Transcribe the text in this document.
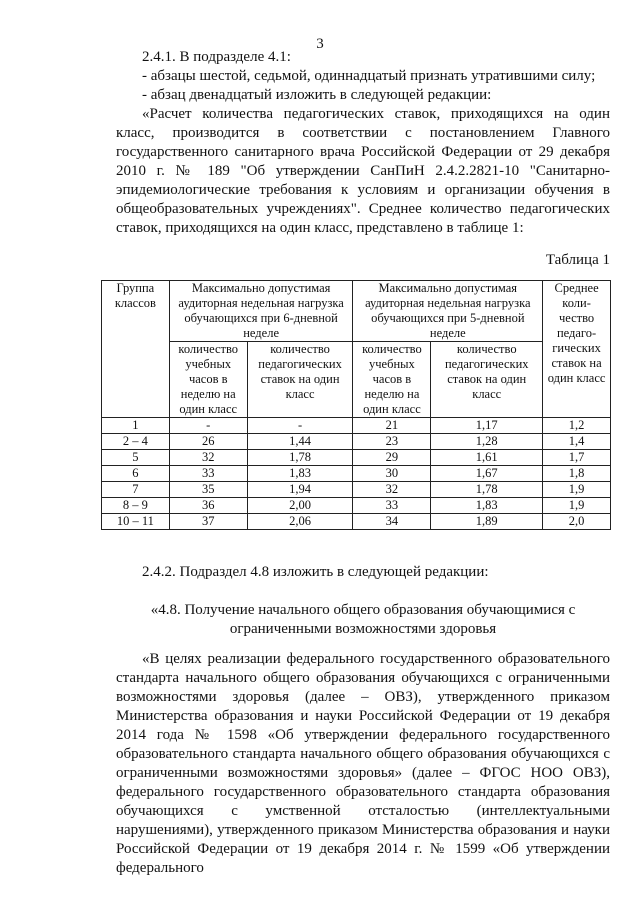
3

2.4.1. В подразделе 4.1:

- абзацы шестой, седьмой, одиннадцатый признать утратившими силу;

- абзац двенадцатый изложить в следующей редакции:

«Расчет количества педагогических ставок, приходящихся на один класс, производится в соответствии с постановлением Главного государственного санитарного врача Российской Федерации от 29 декабря 2010 г. № 189 "Об утверждении СанПиН 2.4.2.2821-10 "Санитарно-эпидемиологические требования к условиям и организации обучения в общеобразовательных учреждениях". Среднее количество педагогических ставок, приходящихся на один класс, представлено в таблице 1:

Таблица 1
Группа классов	Максимально допустимая аудиторная недельная нагрузка обучающихся при 6-дневной неделе		Максимально допустимая аудиторная недельная нагрузка обучающихся при 5-дневной неделе		Среднее коли-чество педаго-гических ставок на один класс
	количество учебных часов в неделю на один класс	количество педагогических ставок на один класс	количество учебных часов в неделю на один класс	количество педагогических ставок на один класс	
1	-	-	21	1,17	1,2
2 – 4	26	1,44	23	1,28	1,4
5	32	1,78	29	1,61	1,7
6	33	1,83	30	1,67	1,8
7	35	1,94	32	1,78	1,9
8 – 9	36	2,00	33	1,83	1,9
10 – 11	37	2,06	34	1,89	2,0

2.4.2. Подраздел 4.8 изложить в следующей редакции:

«4.8. Получение начального общего образования обучающимися с ограниченными возможностями здоровья

«В целях реализации федерального государственного образовательного стандарта начального общего образования обучающихся с ограниченными возможностями здоровья (далее – ОВЗ), утвержденного приказом Министерства образования и науки Российской Федерации от 19 декабря 2014 года № 1598 «Об утверждении федерального государственного образовательного стандарта начального общего образования обучающихся с ограниченными возможностями здоровья» (далее – ФГОС НОО ОВЗ), федерального государственного образовательного стандарта образования обучающихся с умственной отсталостью (интеллектуальными нарушениями), утвержденного приказом Министерства образования и науки Российской Федерации от 19 декабря 2014 г. № 1599 «Об утверждении федерального
